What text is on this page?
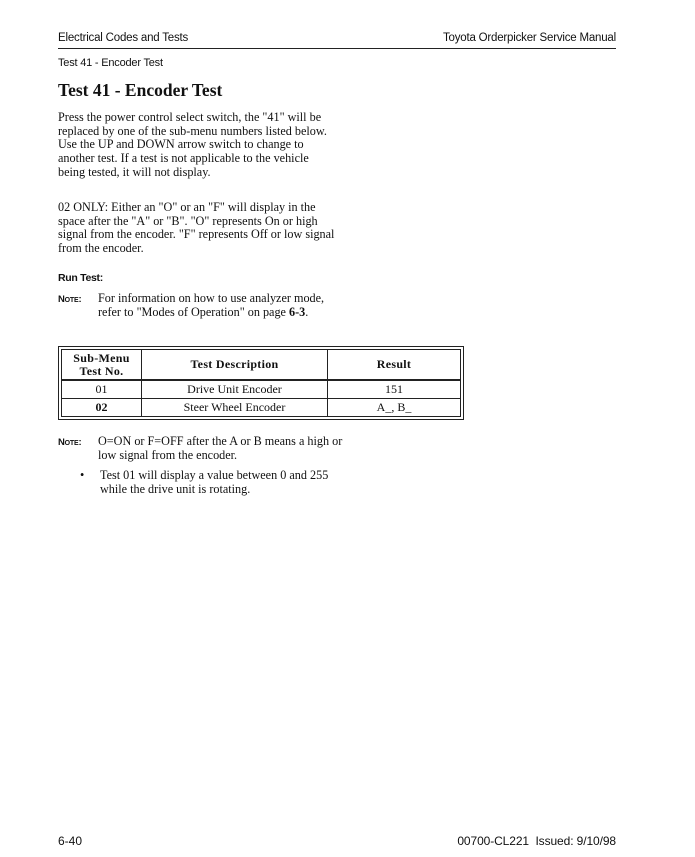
Electrical Codes and Tests	Toyota Orderpicker Service Manual
Test 41 - Encoder Test
Test 41 - Encoder Test

Press the power control select switch, the "41" will be replaced by one of the sub-menu numbers listed below. Use the UP and DOWN arrow switch to change to another test. If a test is not applicable to the vehicle being tested, it will not display.

02 ONLY: Either an "O" or an "F" will display in the space after the "A" or "B". "O" represents On or high signal from the encoder. "F" represents Off or low signal from the encoder.

Run Test:
Note:	For information on how to use analyzer mode, refer to "Modes of Operation" on page 6-3.

Sub-Menu Test No.	Test Description	Result
01	Drive Unit Encoder	151
02	Steer Wheel Encoder	A_, B_
Note:	O=ON or F=OFF after the A or B means a high or low signal from the encoder.

•	Test 01 will display a value between 0 and 255 while the drive unit is rotating.

6-40	00700-CL221  Issued: 9/10/98
